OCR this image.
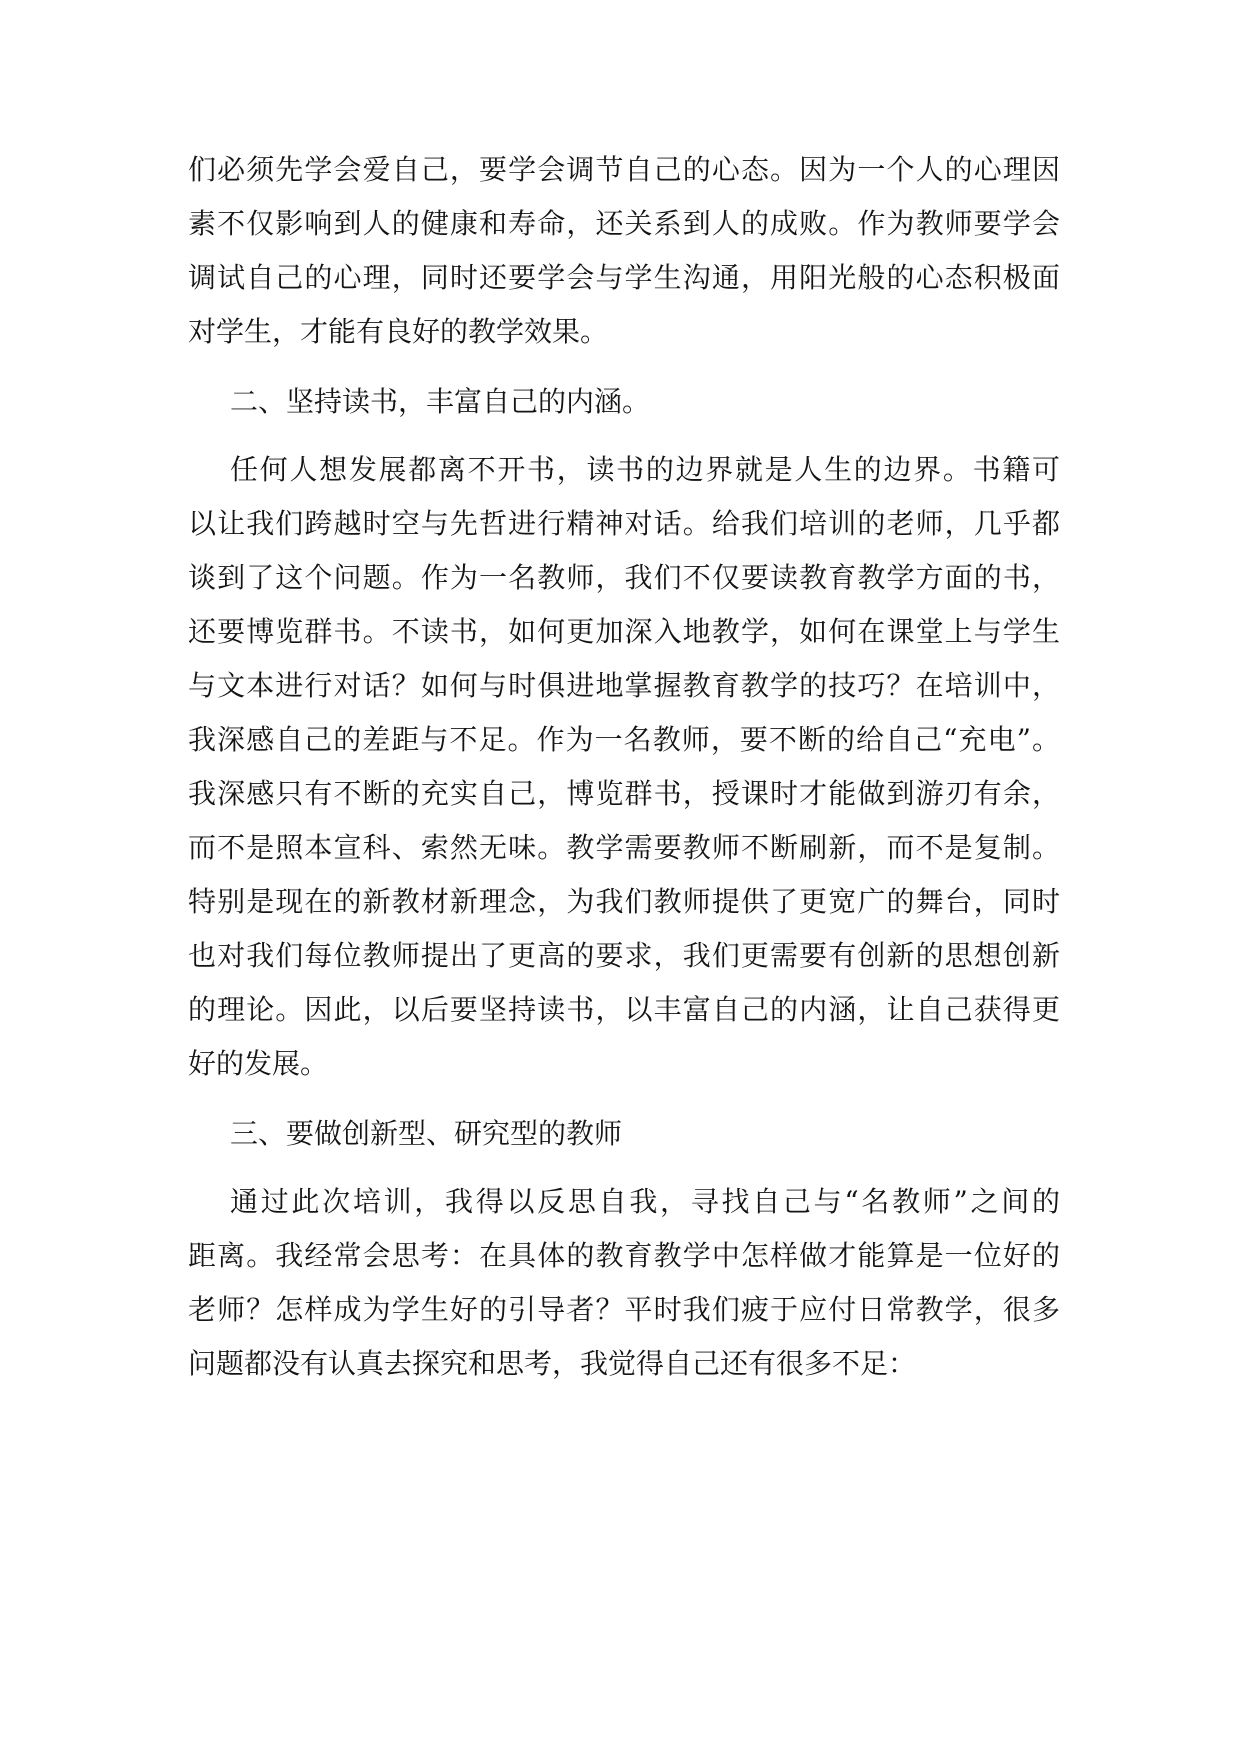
们必须先学会爱自己，要学会调节自己的心态。因为一个人的心理因
素不仅影响到人的健康和寿命，还关系到人的成败。作为教师要学会
调试自己的心理，同时还要学会与学生沟通，用阳光般的心态积极面
对学生，才能有良好的教学效果。
二、坚持读书，丰富自己的内涵。
任何人想发展都离不开书，读书的边界就是人生的边界。书籍可
以让我们跨越时空与先哲进行精神对话。给我们培训的老师，几乎都
谈到了这个问题。作为一名教师，我们不仅要读教育教学方面的书，
还要博览群书。不读书，如何更加深入地教学，如何在课堂上与学生
与文本进行对话？如何与时俱进地掌握教育教学的技巧？在培训中，
我深感自己的差距与不足。作为一名教师，要不断的给自己“充电”。
我深感只有不断的充实自己，博览群书，授课时才能做到游刃有余，
而不是照本宣科、索然无味。教学需要教师不断刷新，而不是复制。
特别是现在的新教材新理念，为我们教师提供了更宽广的舞台，同时
也对我们每位教师提出了更高的要求，我们更需要有创新的思想创新
的理论。因此，以后要坚持读书，以丰富自己的内涵，让自己获得更
好的发展。
三、要做创新型、研究型的教师
通过此次培训，我得以反思自我，寻找自己与“名教师”之间的
距离。我经常会思考：在具体的教育教学中怎样做才能算是一位好的
老师？怎样成为学生好的引导者？平时我们疲于应付日常教学，很多
问题都没有认真去探究和思考，我觉得自己还有很多不足：
